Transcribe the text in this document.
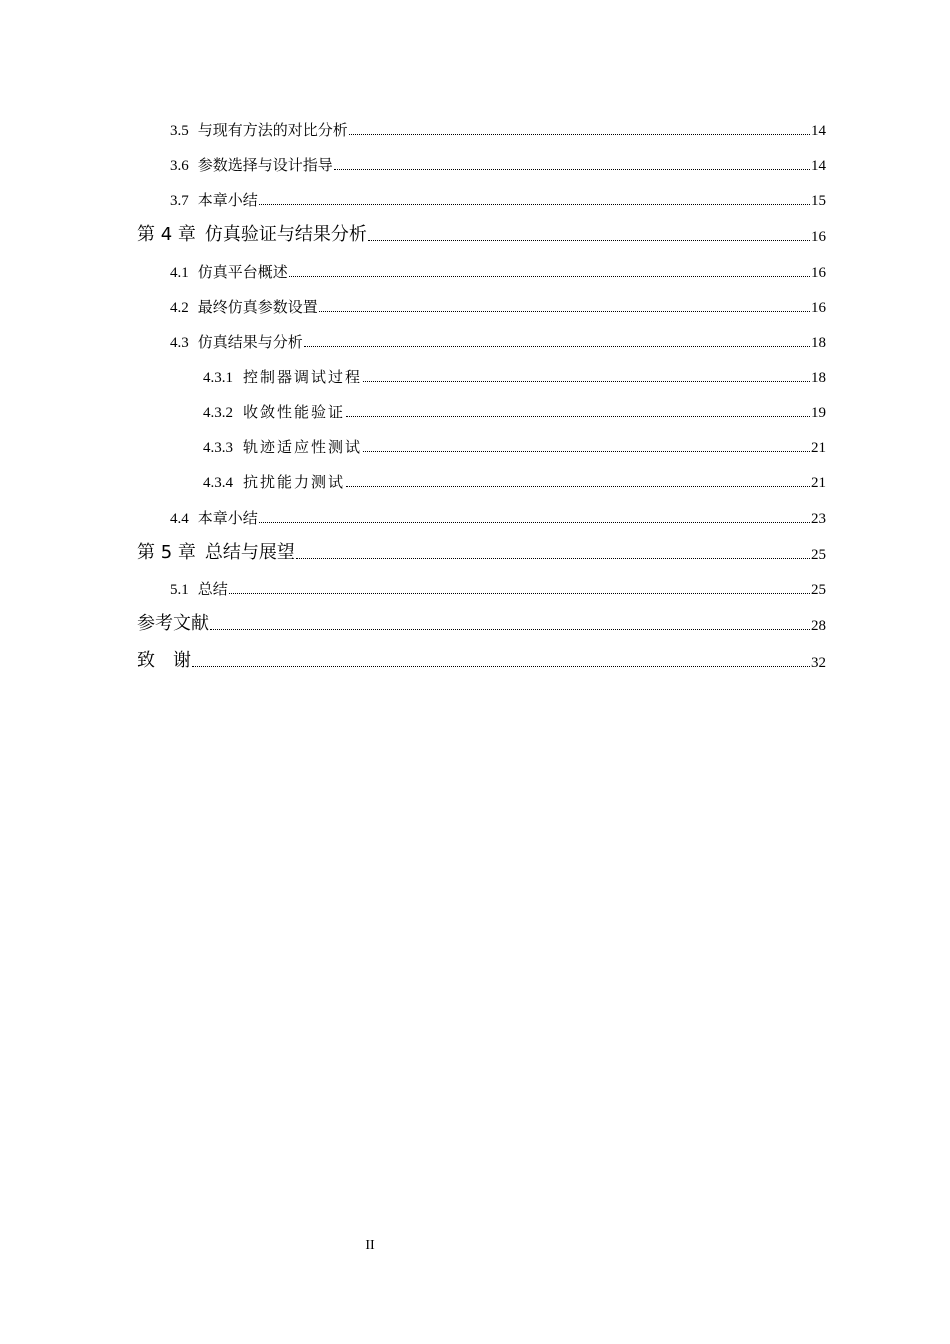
3.5 与现有方法的对比分析	14
3.6 参数选择与设计指导	14
3.7 本章小结	15
第 4 章 仿真验证与结果分析	16
4.1 仿真平台概述	16
4.2 最终仿真参数设置	16
4.3 仿真结果与分析	18
4.3.1 控制器调试过程	18
4.3.2 收敛性能验证	19
4.3.3 轨迹适应性测试	21
4.3.4 抗扰能力测试	21
4.4 本章小结	23
第 5 章 总结与展望	25
5.1 总结	25
参考文献	28
致　谢	32
II
